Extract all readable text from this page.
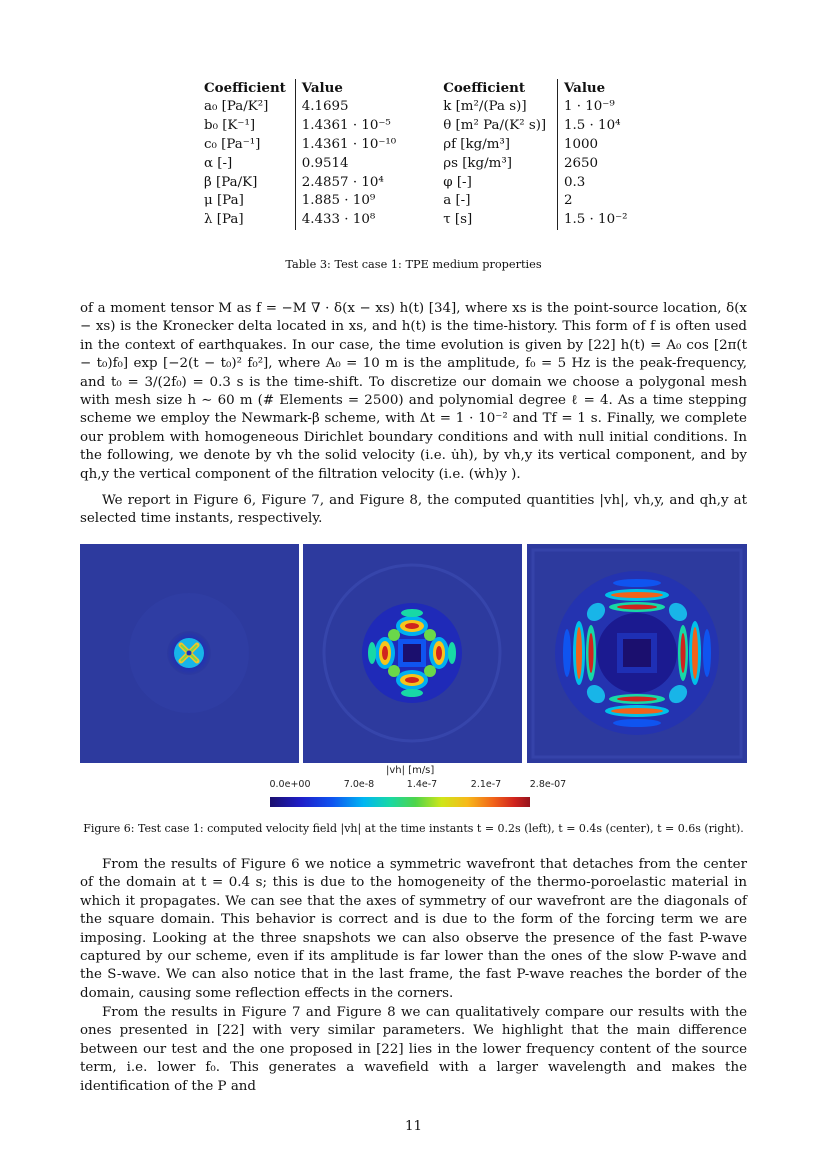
Coefficient	Value	Coefficient	Value
a₀ [Pa/K²]	4.1695	k [m²/(Pa s)]	1 · 10⁻⁹
b₀ [K⁻¹]	1.4361 · 10⁻⁵	θ [m² Pa/(K² s)]	1.5 · 10⁴
c₀ [Pa⁻¹]	1.4361 · 10⁻¹⁰	ρf [kg/m³]	1000
α [-]	0.9514	ρs [kg/m³]	2650
β [Pa/K]	2.4857 · 10⁴	φ [-]	0.3
μ [Pa]	1.885 · 10⁹	a [-]	2
λ [Pa]	4.433 · 10⁸	τ [s]	1.5 · 10⁻²
Table 3: Test case 1: TPE medium properties

of a moment tensor M as f = −M ∇ · δ(x − xs) h(t) [34], where xs is the point-source location, δ(x − xs) is the Kronecker delta located in xs, and h(t) is the time-history. This form of f is often used in the context of earthquakes. In our case, the time evolution is given by [22] h(t) = A₀ cos [2π(t − t₀)f₀] exp [−2(t − t₀)² f₀²], where A₀ = 10 m is the amplitude, f₀ = 5 Hz is the peak-frequency, and t₀ = 3/(2f₀) = 0.3 s is the time-shift. To discretize our domain we choose a polygonal mesh with mesh size h ∼ 60 m (# Elements = 2500) and polynomial degree ℓ = 4. As a time stepping scheme we employ the Newmark-β scheme, with Δt = 1 · 10⁻² and Tf = 1 s. Finally, we complete our problem with homogeneous Dirichlet boundary conditions and with null initial conditions. In the following, we denote by vh the solid velocity (i.e. u̇h), by vh,y its vertical component, and by qh,y the vertical component of the filtration velocity (i.e. (ẇh)y ).

We report in Figure 6, Figure 7, and Figure 8, the computed quantities |vh|, vh,y, and qh,y at selected time instants, respectively.

|vh| [m/s]
0.0e+00	7.0e-8	1.4e-7	2.1e-7	2.8e-07
Figure 6: Test case 1: computed velocity field |vh| at the time instants t = 0.2s (left), t = 0.4s (center), t = 0.6s (right).

From the results of Figure 6 we notice a symmetric wavefront that detaches from the center of the domain at t = 0.4 s; this is due to the homogeneity of the thermo-poroelastic material in which it propagates. We can see that the axes of symmetry of our wavefront are the diagonals of the square domain. This behavior is correct and is due to the form of the forcing term we are imposing. Looking at the three snapshots we can also observe the presence of the fast P-wave captured by our scheme, even if its amplitude is far lower than the ones of the slow P-wave and the S-wave. We can also notice that in the last frame, the fast P-wave reaches the border of the domain, causing some reflection effects in the corners.

From the results in Figure 7 and Figure 8 we can qualitatively compare our results with the ones presented in [22] with very similar parameters. We highlight that the main difference between our test and the one proposed in [22] lies in the lower frequency content of the source term, i.e. lower f₀. This generates a wavefield with a larger wavelength and makes the identification of the P and

11
